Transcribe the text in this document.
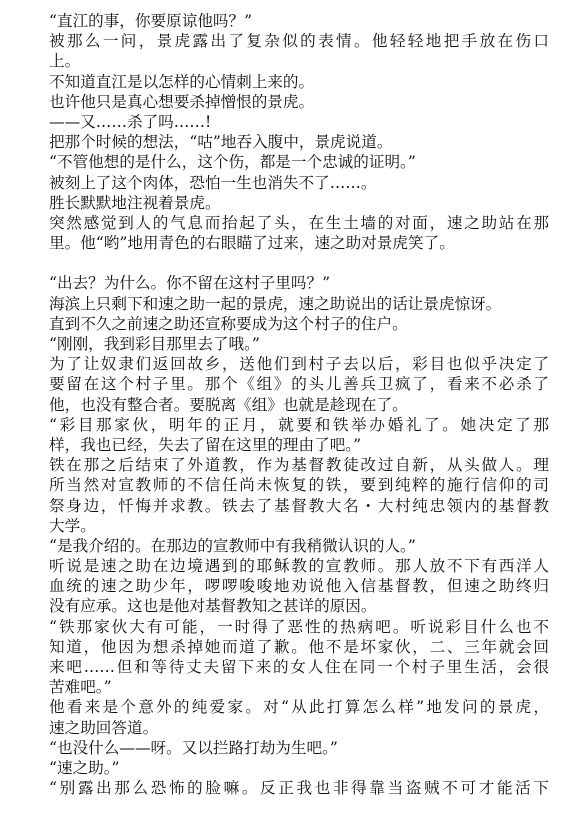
“直江的事，你要原谅他吗？”
被那么一问，景虎露出了复杂似的表情。他轻轻地把手放在伤口
上。
不知道直江是以怎样的心情刺上来的。
也许他只是真心想要杀掉憎恨的景虎。
——又……杀了吗……!
把那个时候的想法，“咕”地吞入腹中，景虎说道。
“不管他想的是什么，这个伤，都是一个忠诚的证明。”
被刻上了这个肉体，恐怕一生也消失不了……。
胜长默默地注视着景虎。
突然感觉到人的气息而抬起了头，在生土墙的对面，速之助站在那
里。他“哟”地用青色的右眼瞄了过来，速之助对景虎笑了。
“出去？为什么。你不留在这村子里吗？”
海滨上只剩下和速之助一起的景虎，速之助说出的话让景虎惊讶。
直到不久之前速之助还宣称要成为这个村子的住户。
“刚刚，我到彩目那里去了哦。”
为了让奴隶们返回故乡，送他们到村子去以后，彩目也似乎决定了
要留在这个村子里。那个《组》的头儿善兵卫疯了，看来不必杀了
他，也没有整合者。要脱离《组》也就是趁现在了。
“彩目那家伙，明年的正月，就要和铁举办婚礼了。她决定了那
样，我也已经，失去了留在这里的理由了吧。”
铁在那之后结束了外道教，作为基督教徒改过自新，从头做人。理
所当然对宣教师的不信任尚未恢复的铁，要到纯粹的施行信仰的司
祭身边，忏悔并求教。铁去了基督教大名・大村纯忠领内的基督教
大学。
“是我介绍的。在那边的宣教师中有我稍微认识的人。”
听说是速之助在边境遇到的耶稣教的宣教师。那人放不下有西洋人
血统的速之助少年，啰啰唆唆地劝说他入信基督教，但速之助终归
没有应承。这也是他对基督教知之甚详的原因。
“铁那家伙大有可能，一时得了恶性的热病吧。听说彩目什么也不
知道，他因为想杀掉她而道了歉。他不是坏家伙，二、三年就会回
来吧……但和等待丈夫留下来的女人住在同一个村子里生活，会很
苦难吧。”
他看来是个意外的纯爱家。对“从此打算怎么样”地发问的景虎，
速之助回答道。
“也没什么——呀。又以拦路打劫为生吧。”
“速之助。”
“别露出那么恐怖的脸嘛。反正我也非得靠当盗贼不可才能活下
